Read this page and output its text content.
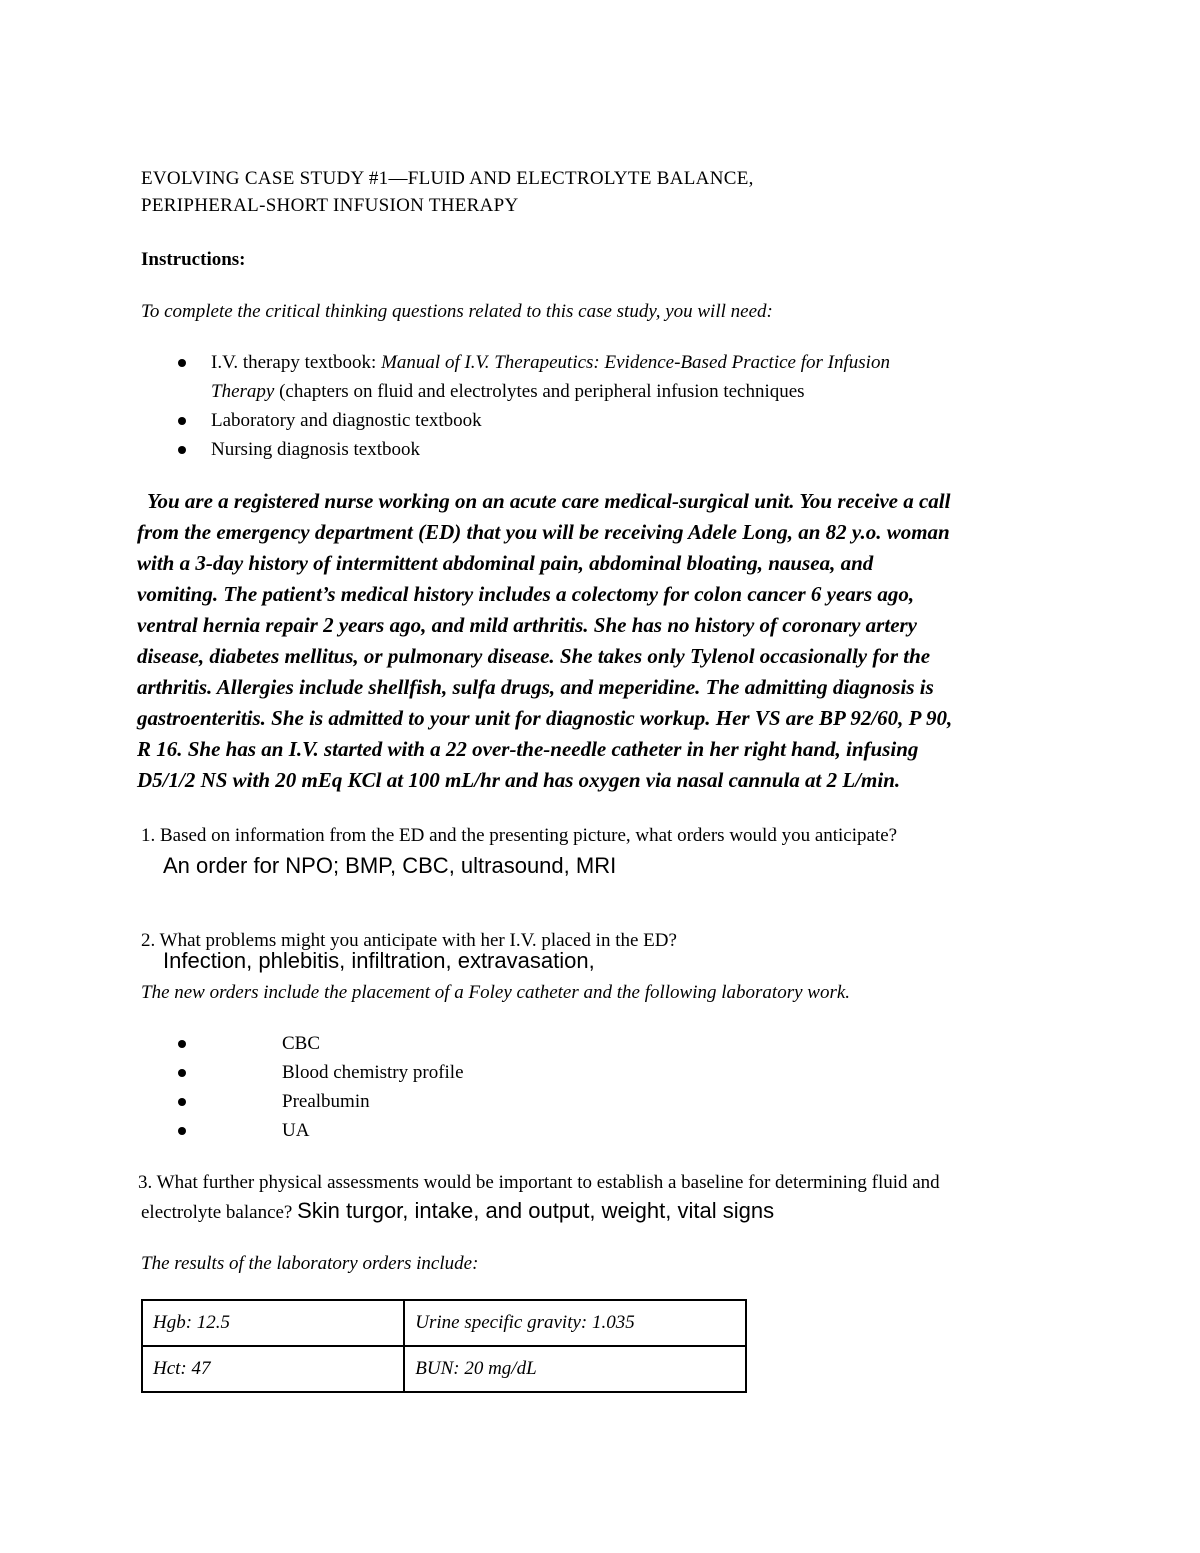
EVOLVING CASE STUDY #1—FLUID AND ELECTROLYTE BALANCE,
PERIPHERAL-SHORT INFUSION THERAPY
Instructions:
To complete the critical thinking questions related to this case study, you will need:
I.V. therapy textbook: Manual of I.V. Therapeutics: Evidence-Based Practice for Infusion
Therapy (chapters on fluid and electrolytes and peripheral infusion techniques
Laboratory and diagnostic textbook
Nursing diagnosis textbook
You are a registered nurse working on an acute care medical-surgical unit. You receive a call
from the emergency department (ED) that you will be receiving Adele Long, an 82 y.o. woman
with a 3-day history of intermittent abdominal pain, abdominal bloating, nausea, and
vomiting. The patient’s medical history includes a colectomy for colon cancer 6 years ago,
ventral hernia repair 2 years ago, and mild arthritis. She has no history of coronary artery
disease, diabetes mellitus, or pulmonary disease. She takes only Tylenol occasionally for the
arthritis. Allergies include shellfish, sulfa drugs, and meperidine. The admitting diagnosis is
gastroenteritis. She is admitted to your unit for diagnostic workup. Her VS are BP 92/60, P 90,
R 16. She has an I.V. started with a 22 over-the-needle catheter in her right hand, infusing
D5/1/2 NS with 20 mEq KCl at 100 mL/hr and has oxygen via nasal cannula at 2 L/min.
1. Based on information from the ED and the presenting picture, what orders would you anticipate?
An order for NPO; BMP, CBC, ultrasound, MRI
2. What problems might you anticipate with her I.V. placed in the ED?
Infection, phlebitis, infiltration, extravasation,
The new orders include the placement of a Foley catheter and the following laboratory work.
CBC
Blood chemistry profile
Prealbumin
UA
3. What further physical assessments would be important to establish a baseline for determining fluid and
electrolyte balance? Skin turgor, intake, and output, weight, vital signs
The results of the laboratory orders include:
Hgb: 12.5	Urine specific gravity: 1.035
Hct: 47	BUN: 20 mg/dL
